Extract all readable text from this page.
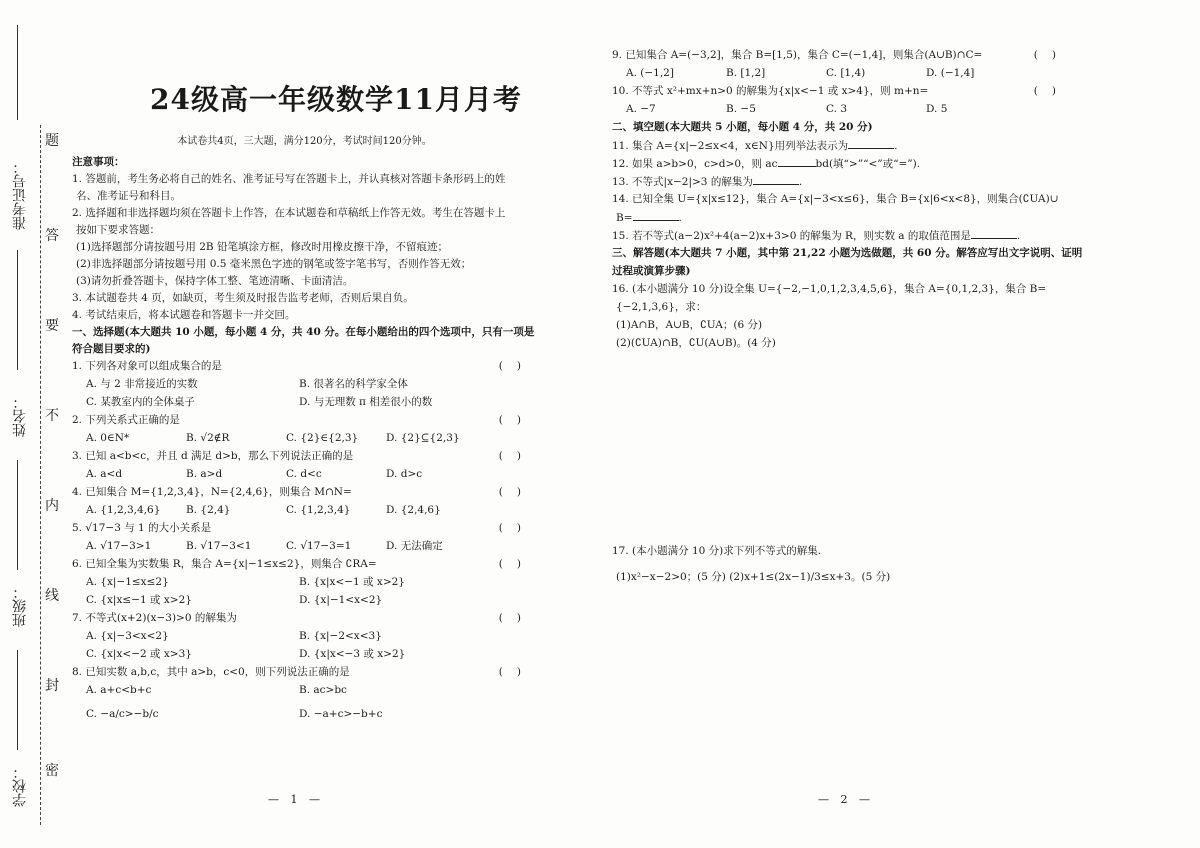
准考证号：
姓名：
班级：
学校：
题
答
要
不
内
线
封
密
24级高一年级数学11月月考
本试卷共4页，三大题，满分120分，考试时间120分钟。
注意事项：
1. 答题前，考生务必将自己的姓名、准考证号写在答题卡上，并认真核对答题卡条形码上的姓
名、准考证号和科目。
2. 选择题和非选择题均须在答题卡上作答，在本试题卷和草稿纸上作答无效。考生在答题卡上
按如下要求答题：
(1)选择题部分请按题号用 2B 铅笔填涂方框，修改时用橡皮擦干净，不留痕迹；
(2)非选择题部分请按题号用 0.5 毫米黑色字迹的钢笔或签字笔书写，否则作答无效；
(3)请勿折叠答题卡，保持字体工整、笔迹清晰、卡面清洁。
3. 本试题卷共 4 页，如缺页，考生须及时报告监考老师，否则后果自负。
4. 考试结束后，将本试题卷和答题卡一并交回。
一、选择题(本大题共 10 小题，每小题 4 分，共 40 分。在每小题给出的四个选项中，只有一项是
符合题目要求的)
1. 下列各对象可以组成集合的是	()
A. 与 2 非常接近的实数	B. 很著名的科学家全体
C. 某教室内的全体桌子	D. 与无理数 π 相差很小的数
2. 下列关系式正确的是	()
A. 0∈N*	B. √2∉R	C. {2}∈{2,3}	D. {2}⊆{2,3}
3. 已知 a<b<c，并且 d 满足 d>b，那么下列说法正确的是	()
A. a<d	B. a>d	C. d<c	D. d>c
4. 已知集合 M={1,2,3,4}，N={2,4,6}，则集合 M∩N=	()
A. {1,2,3,4,6}	B. {2,4}	C. {1,2,3,4}	D. {2,4,6}
5. √17−3 与 1 的大小关系是	()
A. √17−3>1	B. √17−3<1	C. √17−3=1	D. 无法确定
6. 已知全集为实数集 R，集合 A={x|−1≤x≤2}，则集合 ∁RA=	()
A. {x|−1≤x≤2}	B. {x|x<−1 或 x>2}
C. {x|x≤−1 或 x>2}	D. {x|−1<x<2}
7. 不等式(x+2)(x−3)>0 的解集为	()
A. {x|−3<x<2}	B. {x|−2<x<3}
C. {x|x<−2 或 x>3}	D. {x|x<−3 或 x>2}
8. 已知实数 a,b,c，其中 a>b，c<0，则下列说法正确的是	()
A. a+c<b+c	B. ac>bc
C. −a/c>−b/c	D. −a+c>−b+c
— 1 —
9. 已知集合 A=(−3,2]，集合 B=[1,5)，集合 C=(−1,4]，则集合(A∪B)∩C=	()
A. (−1,2]	B. [1,2]	C. [1,4)	D. (−1,4]
10. 不等式 x²+mx+n>0 的解集为{x|x<−1 或 x>4}，则 m+n=	()
A. −7	B. −5	C. 3	D. 5
二、填空题(本大题共 5 小题，每小题 4 分，共 20 分)
11. 集合 A={x|−2≤x<4，x∈N}用列举法表示为	.
12. 如果 a>b>0，c>d>0，则 ac	bd(填“>”“<”或“=”).
13. 不等式|x−2|>3 的解集为	.
14. 已知全集 U={x|x≤12}，集合 A={x|−3<x≤6}，集合 B={x|6<x<8}，则集合(∁UA)∪
B=	.
15. 若不等式(a−2)x²+4(a−2)x+3>0 的解集为 R，则实数 a 的取值范围是	.
三、解答题(本大题共 7 小题，其中第 21,22 小题为选做题，共 60 分。解答应写出文字说明、证明
过程或演算步骤)
16. (本小题满分 10 分)设全集 U={−2,−1,0,1,2,3,4,5,6}，集合 A={0,1,2,3}，集合 B=
{−2,1,3,6}，求：
(1)A∩B，A∪B，∁UA；(6 分)
(2)(∁UA)∩B，∁U(A∪B)。(4 分)
17. (本小题满分 10 分)求下列不等式的解集.
(1)x²−x−2>0；(5 分) (2)x+1≤(2x−1)/3≤x+3。(5 分)
— 2 —
